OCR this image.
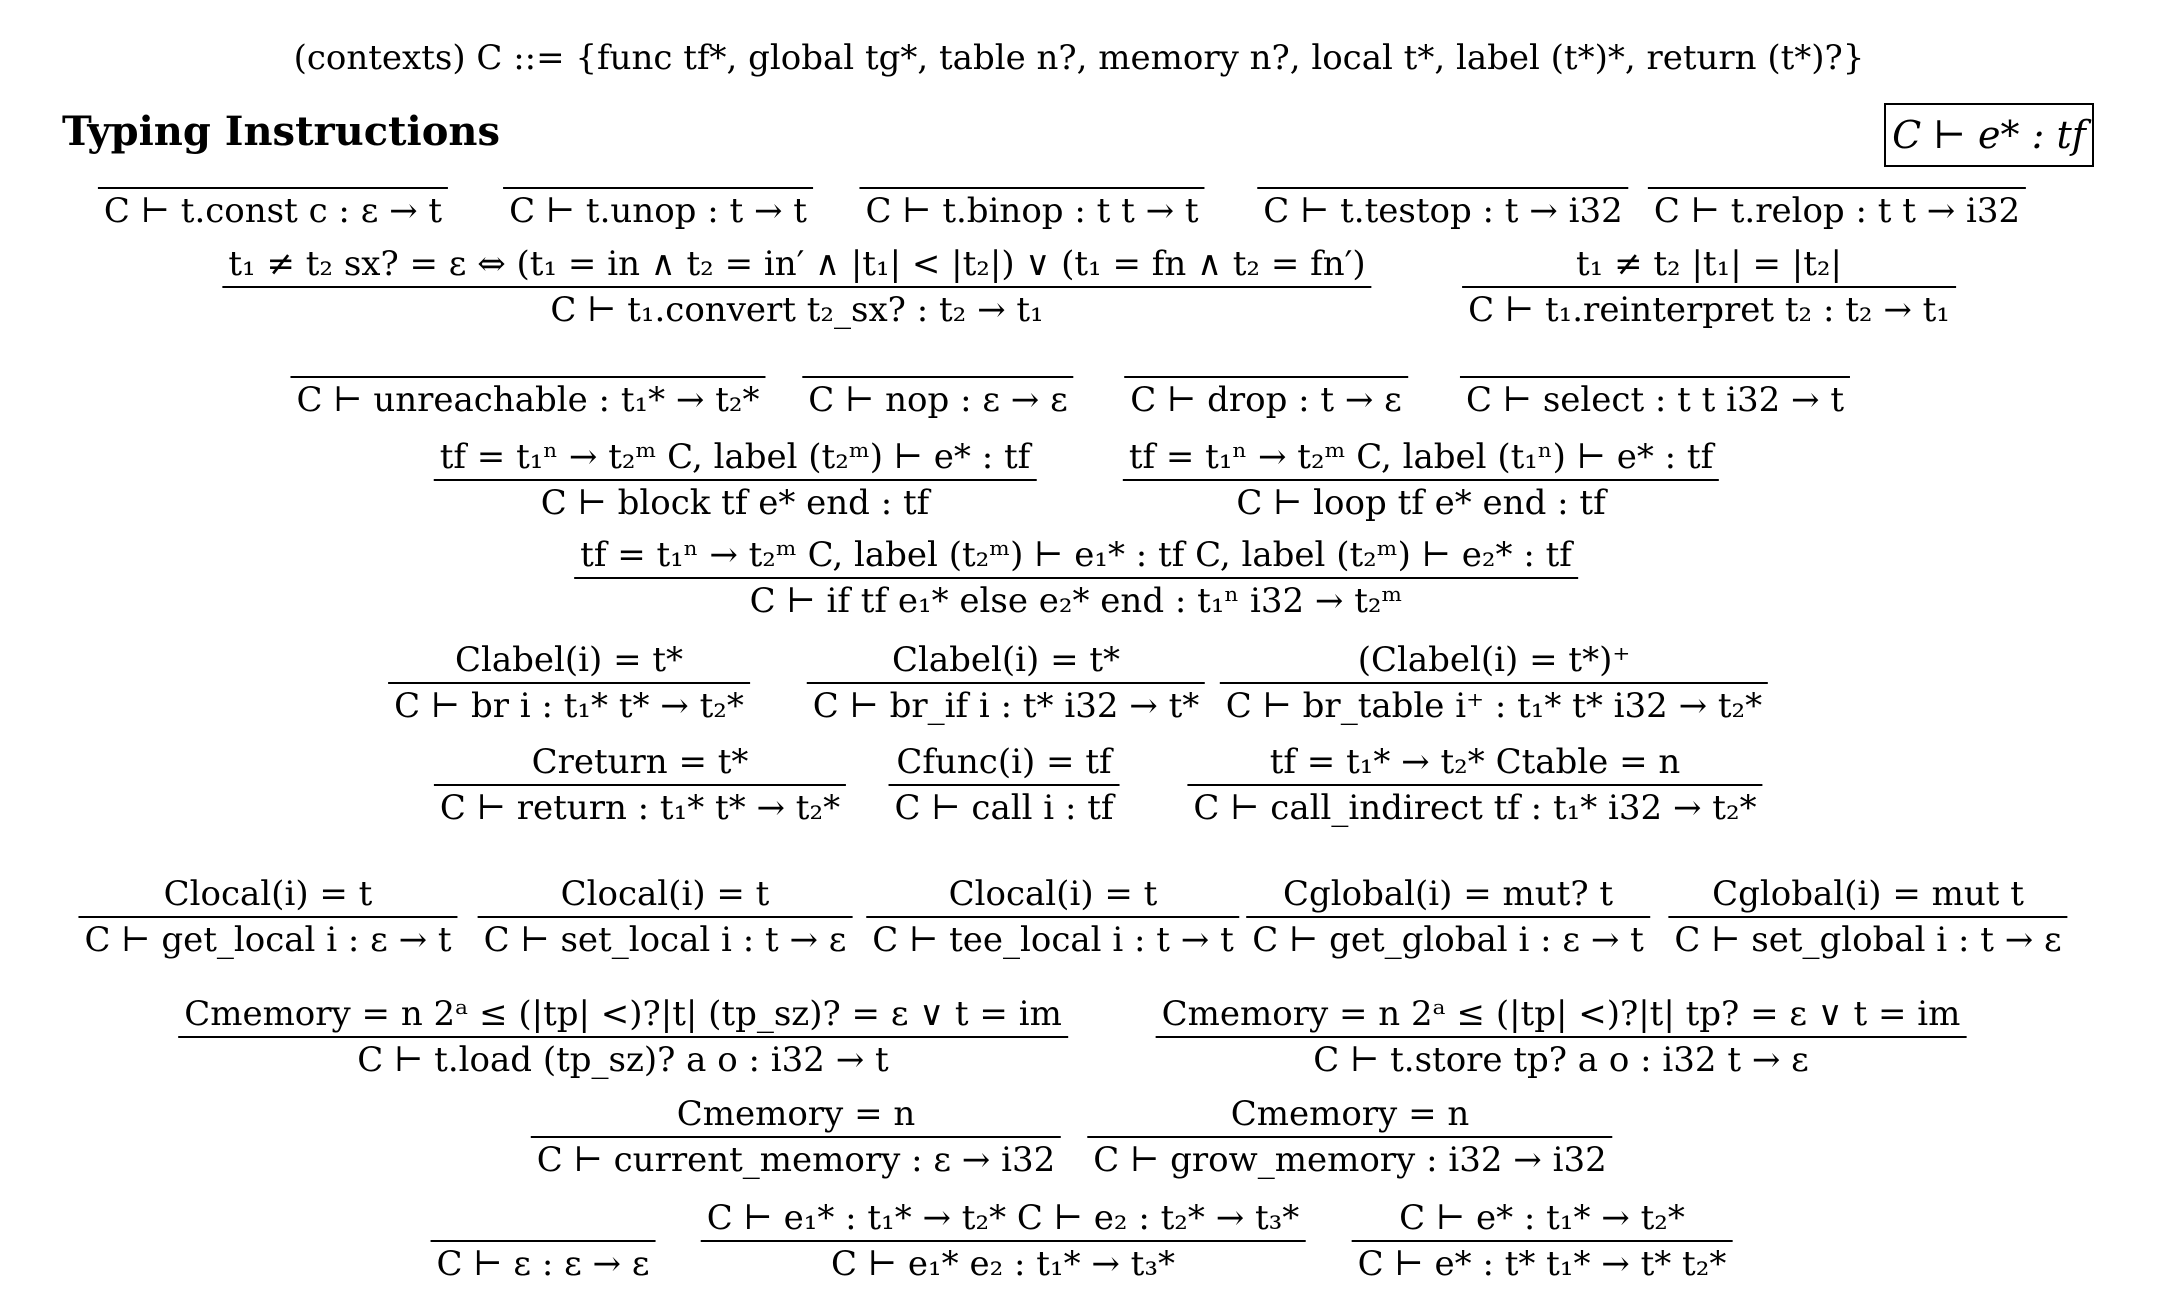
(contexts) C ::= {func tf*, global tg*, table n?, memory n?, local t*, label (t*)*, return (t*)?}
Typing Instructions	C ⊢ e* : tf
C ⊢ t.const c : ε → t C ⊢ t.unop : t → t C ⊢ t.binop : t t → t C ⊢ t.testop : t → i32 C ⊢ t.relop : t t → i32
t₁ ≠ t₂ sx? = ε ⇔ (t₁ = in ∧ t₂ = in′ ∧ |t₁| < |t₂|) ∨ (t₁ = fn ∧ t₂ = fn′)
C ⊢ t₁.convert t₂_sx? : t₂ → t₁
t₁ ≠ t₂ |t₁| = |t₂|
C ⊢ t₁.reinterpret t₂ : t₂ → t₁
C ⊢ unreachable : t₁* → t₂* C ⊢ nop : ε → ε C ⊢ drop : t → ε C ⊢ select : t t i32 → t
tf = t₁ⁿ → t₂ᵐ C, label (t₂ᵐ) ⊢ e* : tf
C ⊢ block tf e* end : tf
tf = t₁ⁿ → t₂ᵐ C, label (t₁ⁿ) ⊢ e* : tf
C ⊢ loop tf e* end : tf
tf = t₁ⁿ → t₂ᵐ C, label (t₂ᵐ) ⊢ e₁* : tf C, label (t₂ᵐ) ⊢ e₂* : tf
C ⊢ if tf e₁* else e₂* end : t₁ⁿ i32 → t₂ᵐ
Clabel(i) = t*
C ⊢ br i : t₁* t* → t₂*
Clabel(i) = t*
C ⊢ br_if i : t* i32 → t*
(Clabel(i) = t*)⁺
C ⊢ br_table i⁺ : t₁* t* i32 → t₂*
Creturn = t*
C ⊢ return : t₁* t* → t₂*
Cfunc(i) = tf
C ⊢ call i : tf
tf = t₁* → t₂* Ctable = n
C ⊢ call_indirect tf : t₁* i32 → t₂*
Clocal(i) = t
C ⊢ get_local i : ε → t
Clocal(i) = t
C ⊢ set_local i : t → ε
Clocal(i) = t
C ⊢ tee_local i : t → t
Cglobal(i) = mut? t
C ⊢ get_global i : ε → t
Cglobal(i) = mut t
C ⊢ set_global i : t → ε
Cmemory = n 2ᵃ ≤ (|tp| <)?|t| (tp_sz)? = ε ∨ t = im
C ⊢ t.load (tp_sz)? a o : i32 → t
Cmemory = n 2ᵃ ≤ (|tp| <)?|t| tp? = ε ∨ t = im
C ⊢ t.store tp? a o : i32 t → ε
Cmemory = n
C ⊢ current_memory : ε → i32
Cmemory = n
C ⊢ grow_memory : i32 → i32
C ⊢ ε : ε → ε
C ⊢ e₁* : t₁* → t₂* C ⊢ e₂ : t₂* → t₃*
C ⊢ e₁* e₂ : t₁* → t₃*
C ⊢ e* : t₁* → t₂*
C ⊢ e* : t* t₁* → t* t₂*
